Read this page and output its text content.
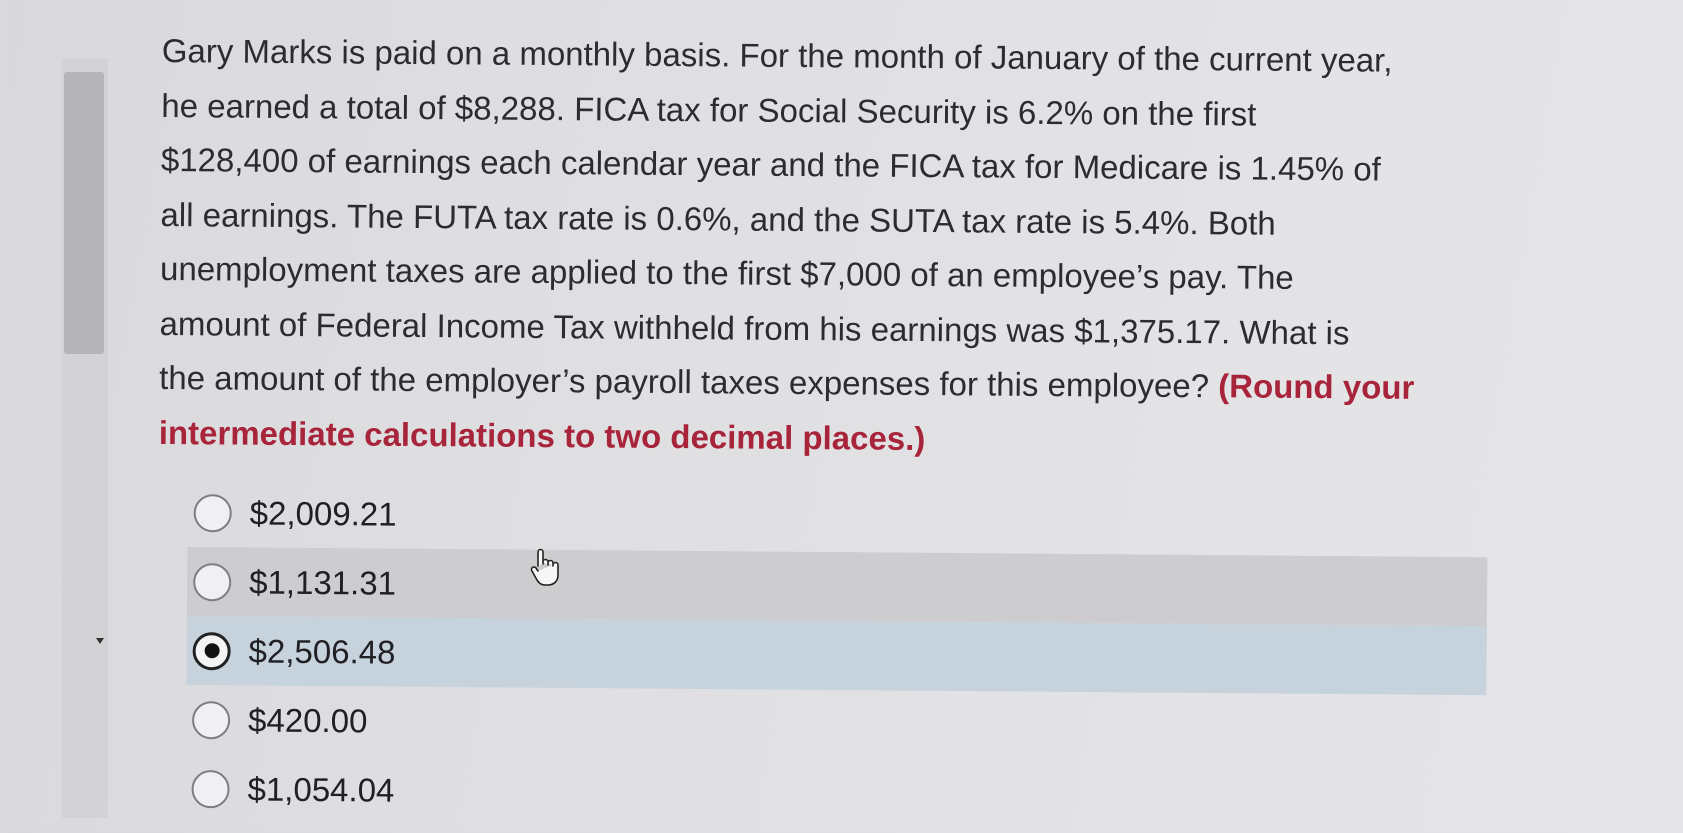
Gary Marks is paid on a monthly basis. For the month of January of the current year,
he earned a total of $8,288. FICA tax for Social Security is 6.2% on the first
$128,400 of earnings each calendar year and the FICA tax for Medicare is 1.45% of
all earnings. The FUTA tax rate is 0.6%, and the SUTA tax rate is 5.4%. Both
unemployment taxes are applied to the first $7,000 of an employee’s pay. The
amount of Federal Income Tax withheld from his earnings was $1,375.17. What is
the amount of the employer’s payroll taxes expenses for this employee? (Round your
intermediate calculations to two decimal places.)

$2,009.21
$1,131.31
$2,506.48
$420.00
$1,054.04
